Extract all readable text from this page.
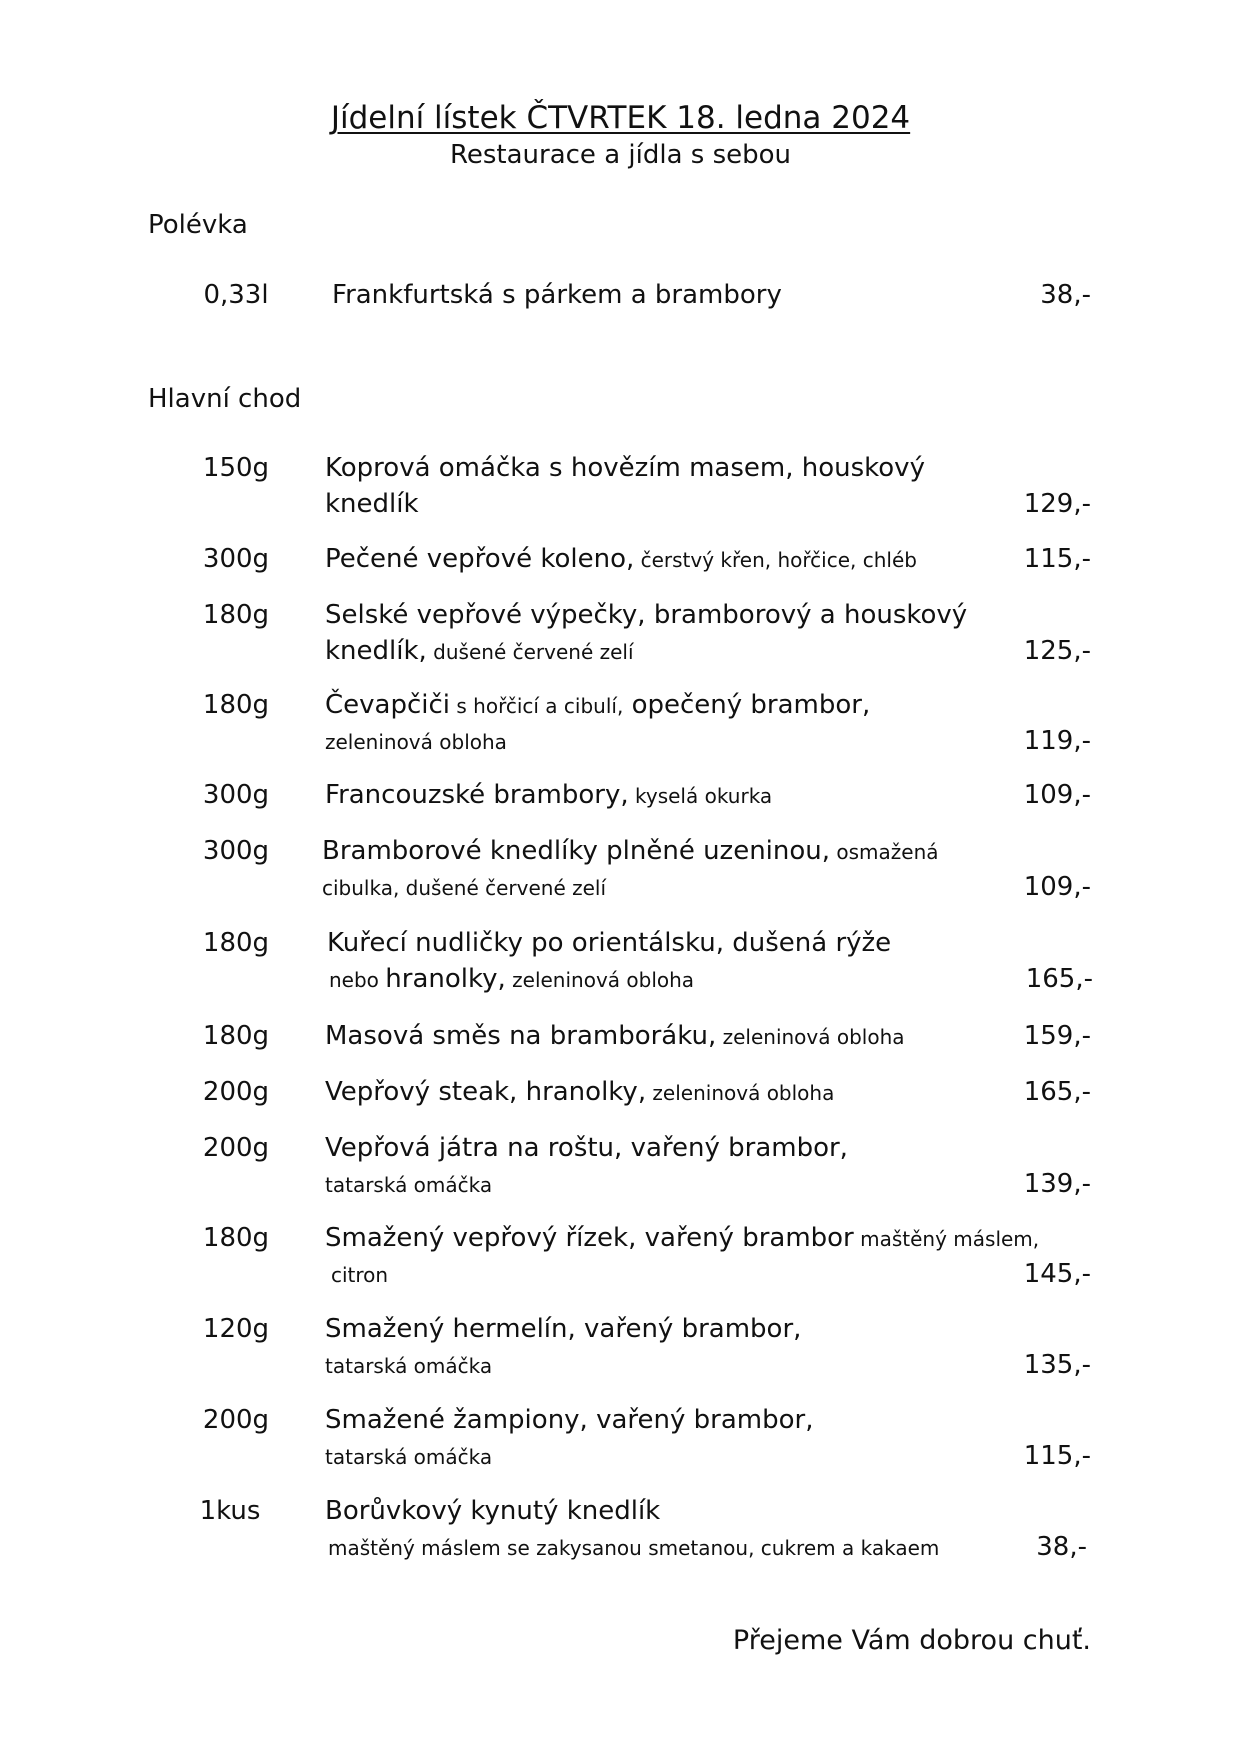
Jídelní lístek ČTVRTEK 18. ledna 2024
Restaurace a jídla s sebou
Polévka
0,33l Frankfurtská s párkem a brambory	38,-
Hlavní chod
150g Koprová omáčka s hovězím masem, houskový
knedlík	129,-
300g Pečené vepřové koleno, čerstvý křen, hořčice, chléb	115,-
180g Selské vepřové výpečky, bramborový a houskový
knedlík, dušené červené zelí	125,-
180g Čevapčiči s hořčicí a cibulí, opečený brambor,
zeleninová obloha	119,-
300g Francouzské brambory, kyselá okurka	109,-
300g Bramborové knedlíky plněné uzeninou, osmažená
cibulka, dušené červené zelí	109,-
180g Kuřecí nudličky po orientálsku, dušená rýže
nebo hranolky, zeleninová obloha	165,-
180g Masová směs na bramboráku, zeleninová obloha	159,-
200g Vepřový steak, hranolky, zeleninová obloha	165,-
200g Vepřová játra na roštu, vařený brambor,
tatarská omáčka	139,-
180g Smažený vepřový řízek, vařený brambor maštěný máslem,
citron	145,-
120g Smažený hermelín, vařený brambor,
tatarská omáčka	135,-
200g Smažené žampiony, vařený brambor,
tatarská omáčka	115,-
1kus	Borůvkový kynutý knedlík
maštěný máslem se zakysanou smetanou, cukrem a kakaem	38,-
Přejeme Vám dobrou chuť.
